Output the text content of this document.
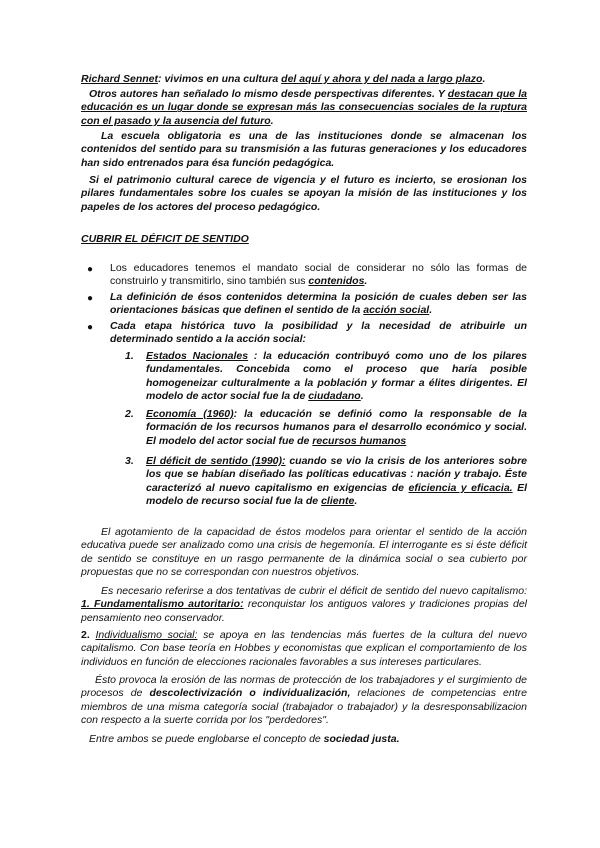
Richard Sennet: vivimos en una cultura del aquí y ahora y del nada a largo plazo.

Otros autores han señalado lo mismo desde perspectivas diferentes. Y destacan que la educación es un lugar donde se expresan más las consecuencias sociales de la ruptura con el pasado y la ausencia del futuro.

La escuela obligatoria es una de las instituciones donde se almacenan los contenidos del sentido para su transmisión a las futuras generaciones y los educadores han sido entrenados para ésa función pedagógica.

Si el patrimonio cultural carece de vigencia y el futuro es incierto, se erosionan los pilares fundamentales sobre los cuales se apoyan la misión de las instituciones y los papeles de los actores del proceso pedagógico.

CUBRIR EL DÉFICIT DE SENTIDO

● Los educadores tenemos el mandato social de considerar no sólo las formas de construirlo y transmitirlo, sino también sus contenidos.

● La definición de ésos contenidos determina la posición de cuales deben ser las orientaciones básicas que definen el sentido de la acción social.

● Cada etapa histórica tuvo la posibilidad y la necesidad de atribuirle un determinado sentido a la acción social:

1. Estados Nacionales : la educación contribuyó como uno de los pilares fundamentales. Concebida como el proceso que haría posible homogeneizar culturalmente a la población y formar a élites dirigentes. El modelo de actor social fue la de ciudadano.

2. Economía (1960): la educación se definió como la responsable de la formación de los recursos humanos para el desarrollo económico y social. El modelo del actor social fue de recursos humanos

3. El déficit de sentido (1990): cuando se vio la crisis de los anteriores sobre los que se habían diseñado las políticas educativas : nación y trabajo. Éste caracterizó al nuevo capitalismo en exigencias de eficiencia y eficacia. El modelo de recurso social fue la de cliente.

El agotamiento de la capacidad de éstos modelos para orientar el sentido de la acción educativa puede ser analizado como una crisis de hegemonía. El interrogante es si éste déficit de sentido se constituye en un rasgo permanente de la dinámica social o sea cubierto por propuestas que no se correspondan con nuestros objetivos.

Es necesario referirse a dos tentativas de cubrir el déficit de sentido del nuevo capitalismo: 1. Fundamentalismo autoritario: reconquistar los antiguos valores y tradiciones propias del pensamiento neo conservador.

2. Individualismo social: se apoya en las tendencias más fuertes de la cultura del nuevo capitalismo. Con base teoría en Hobbes y economistas que explican el comportamiento de los individuos en función de elecciones racionales favorables a sus intereses particulares.

Ésto provoca la erosión de las normas de protección de los trabajadores y el surgimiento de procesos de descolectivización o individualización, relaciones de competencias entre miembros de una misma categoría social (trabajador o trabajador) y la desresponsabilizacion con respecto a la suerte corrida por los "perdedores".

Entre ambos se puede englobarse el concepto de sociedad justa.
